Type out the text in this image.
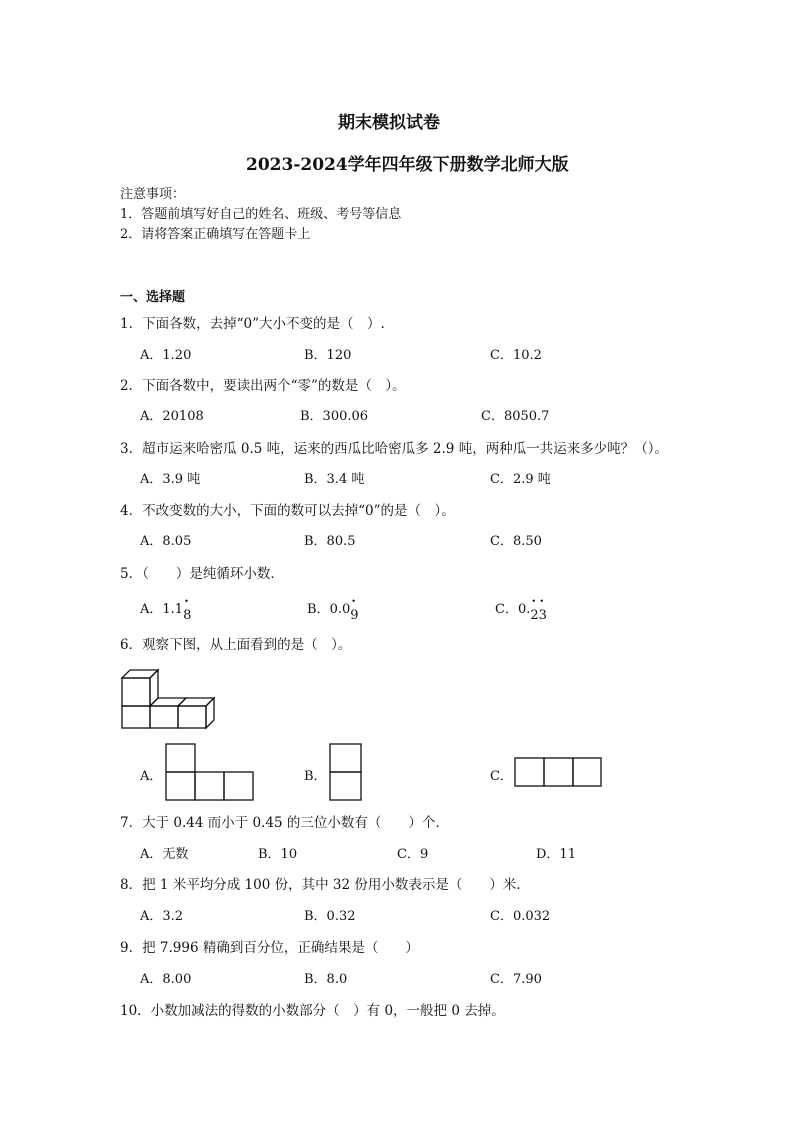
期末模拟试卷
2023-2024学年四年级下册数学北师大版
注意事项：
1．答题前填写好自己的姓名、班级、考号等信息
2．请将答案正确填写在答题卡上
一、选择题
1．下面各数，去掉“0”大小不变的是（　）.
A．1.20	B．120	C．10.2
2．下面各数中，要读出两个“零”的数是（　）。
A．20108	B．300.06	C．8050.7
3．超市运来哈密瓜 0.5 吨，运来的西瓜比哈密瓜多 2.9 吨，两种瓜一共运来多少吨？（）。
A．3.9 吨	B．3.4 吨	C．2.9 吨
4．不改变数的大小，下面的数可以去掉“0”的是（　）。
A．8.05	B．80.5	C．8.50
5．（　　）是纯循环小数．
A．1.1• 8	B．0.0• 9	C．0.23
• •
6．观察下图，从上面看到的是（　）。
A．	B．	C．
7．大于 0.44 而小于 0.45 的三位小数有（　　）个．
A．无数	B．10	C．9	D．11
8．把 1 米平均分成 100 份，其中 32 份用小数表示是（　　）米．
A．3.2	B．0.32	C．0.032
9．把 7.996 精确到百分位，正确结果是（　　）
A．8.00	B．8.0	C．7.90
10．小数加减法的得数的小数部分（　）有 0，一般把 0 去掉。
